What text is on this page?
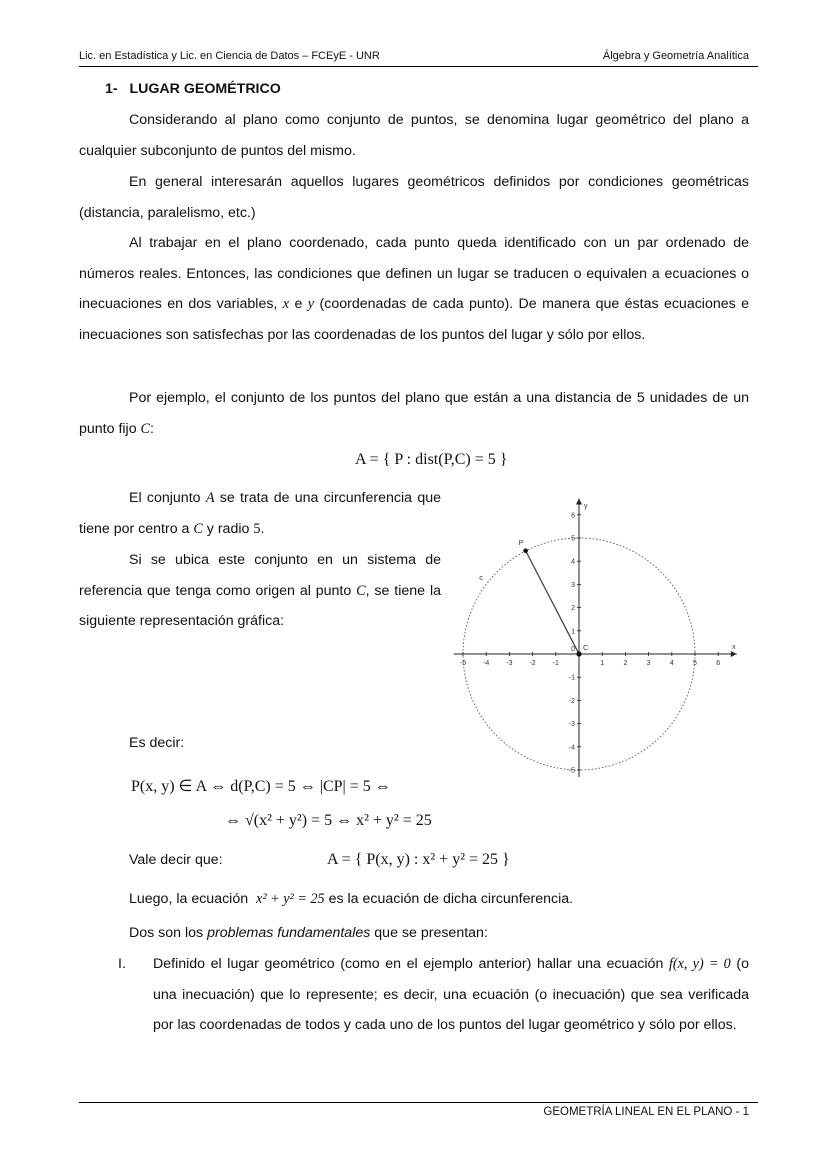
Lic. en Estadística y Lic. en Ciencia de Datos – FCEyE - UNR	Álgebra y Geometría Analítica
1- LUGAR GEOMÉTRICO

Considerando al plano como conjunto de puntos, se denomina lugar geométrico del plano a cualquier subconjunto de puntos del mismo.

En general interesarán aquellos lugares geométricos definidos por condiciones geométricas (distancia, paralelismo, etc.)

Al trabajar en el plano coordenado, cada punto queda identificado con un par ordenado de números reales. Entonces, las condiciones que definen un lugar se traducen o equivalen a ecuaciones o inecuaciones en dos variables, x e y (coordenadas de cada punto). De manera que éstas ecuaciones e inecuaciones son satisfechas por las coordenadas de los puntos del lugar y sólo por ellos.

Por ejemplo, el conjunto de los puntos del plano que están a una distancia de 5 unidades de un punto fijo C:

A = { P : dist(P,C) = 5 }

El conjunto A se trata de una circunferencia que tiene por centro a C y radio 5.

Si se ubica este conjunto en un sistema de referencia que tenga como origen al punto C, se tiene la siguiente representación gráfica:

x
y
-5 -4 -3 -2 -1	1	2	3	4	5	6
6
5
4
3
2
1
-1
-2
-3
-4
-5
0
P
C
c
Es decir:
P(x, y) ∈ A ⇔ d(P,C) = 5 ⇔ |CP| = 5 ⇔
⇔ √(x² + y²) = 5 ⇔ x² + y² = 25
Vale decir que:	A = { P(x, y) : x² + y² = 25 }

Luego, la ecuación x² + y² = 25 es la ecuación de dicha circunferencia.

Dos son los problemas fundamentales que se presentan:

I. Definido el lugar geométrico (como en el ejemplo anterior) hallar una ecuación f(x, y) = 0 (o una inecuación) que lo represente; es decir, una ecuación (o inecuación) que sea verificada por las coordenadas de todos y cada uno de los puntos del lugar geométrico y sólo por ellos.

GEOMETRÍA LINEAL EN EL PLANO - 1
